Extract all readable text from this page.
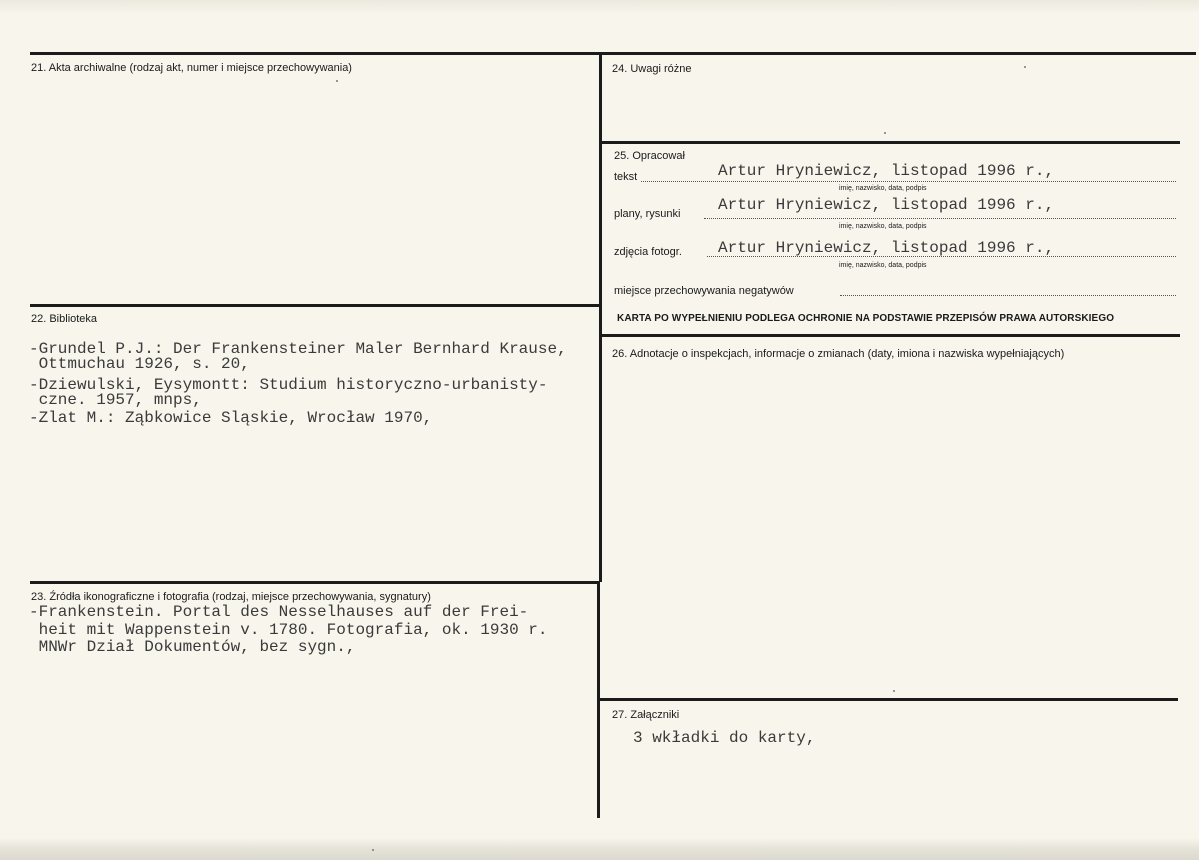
21. Akta archiwalne (rodzaj akt, numer i miejsce przechowywania)
22. Biblioteka
-Grundel P.J.: Der Frankensteiner Maler Bernhard Krause,
Ottmuchau 1926, s. 20,
-Dziewulski, Eysymontt: Studium historyczno-urbanisty-
czne. 1957, mnps,
-Zlat M.: Ząbkowice Sląskie, Wrocław 1970,
23. Źródła ikonograficzne i fotografia (rodzaj, miejsce przechowywania, sygnatury)
-Frankenstein. Portal des Nesselhauses auf der Frei-
heit mit Wappenstein v. 1780. Fotografia, ok. 1930 r.
MNWr Dział Dokumentów, bez sygn.,
24. Uwagi różne
25. Opracował
tekst	Artur Hryniewicz, listopad 1996 r.,
imię, nazwisko, data, podpis
plany, rysunki Artur Hryniewicz, listopad 1996 r.,
imię, nazwisko, data, podpis
zdjęcia fotogr. Artur Hryniewicz, listopad 1996 r.,
imię, nazwisko, data, podpis
miejsce przechowywania negatywów
KARTA PO WYPEŁNIENIU PODLEGA OCHRONIE NA PODSTAWIE PRZEPISÓW PRAWA AUTORSKIEGO
26. Adnotacje o inspekcjach, informacje o zmianach (daty, imiona i nazwiska wypełniających)
27. Załączniki
3 wkładki do karty,
